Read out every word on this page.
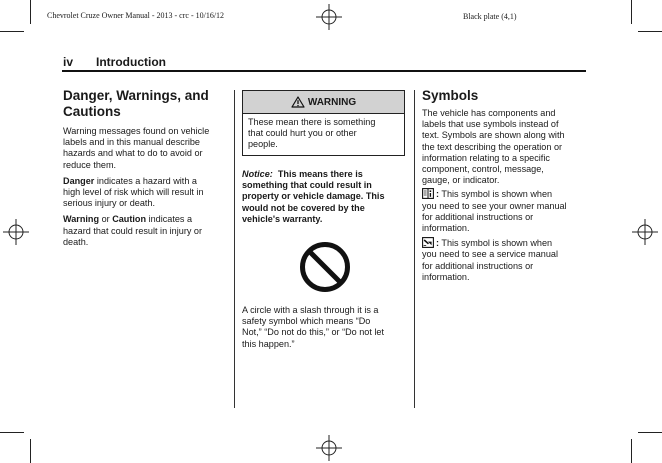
Chevrolet Cruze Owner Manual - 2013 - crc - 10/16/12	Black plate (4,1)
iv Introduction
Danger, Warnings, and
Cautions

Warning messages found on vehicle
labels and in this manual describe
hazards and what to do to avoid or
reduce them.

Danger indicates a hazard with a
high level of risk which will result in
serious injury or death.

Warning or Caution indicates a
hazard that could result in injury or
death.

WARNING
These mean there is something
that could hurt you or other
people.
Notice:  This means there is
something that could result in
property or vehicle damage. This
would not be covered by the
vehicle's warranty.
A circle with a slash through it is a
safety symbol which means “Do
Not,” “Do not do this,” or “Do not let
this happen.”
Symbols

The vehicle has components and
labels that use symbols instead of
text. Symbols are shown along with
the text describing the operation or
information relating to a specific
component, control, message,
gauge, or indicator.

: This symbol is shown when
you need to see your owner manual
for additional instructions or
information.

: This symbol is shown when
you need to see a service manual
for additional instructions or
information.
